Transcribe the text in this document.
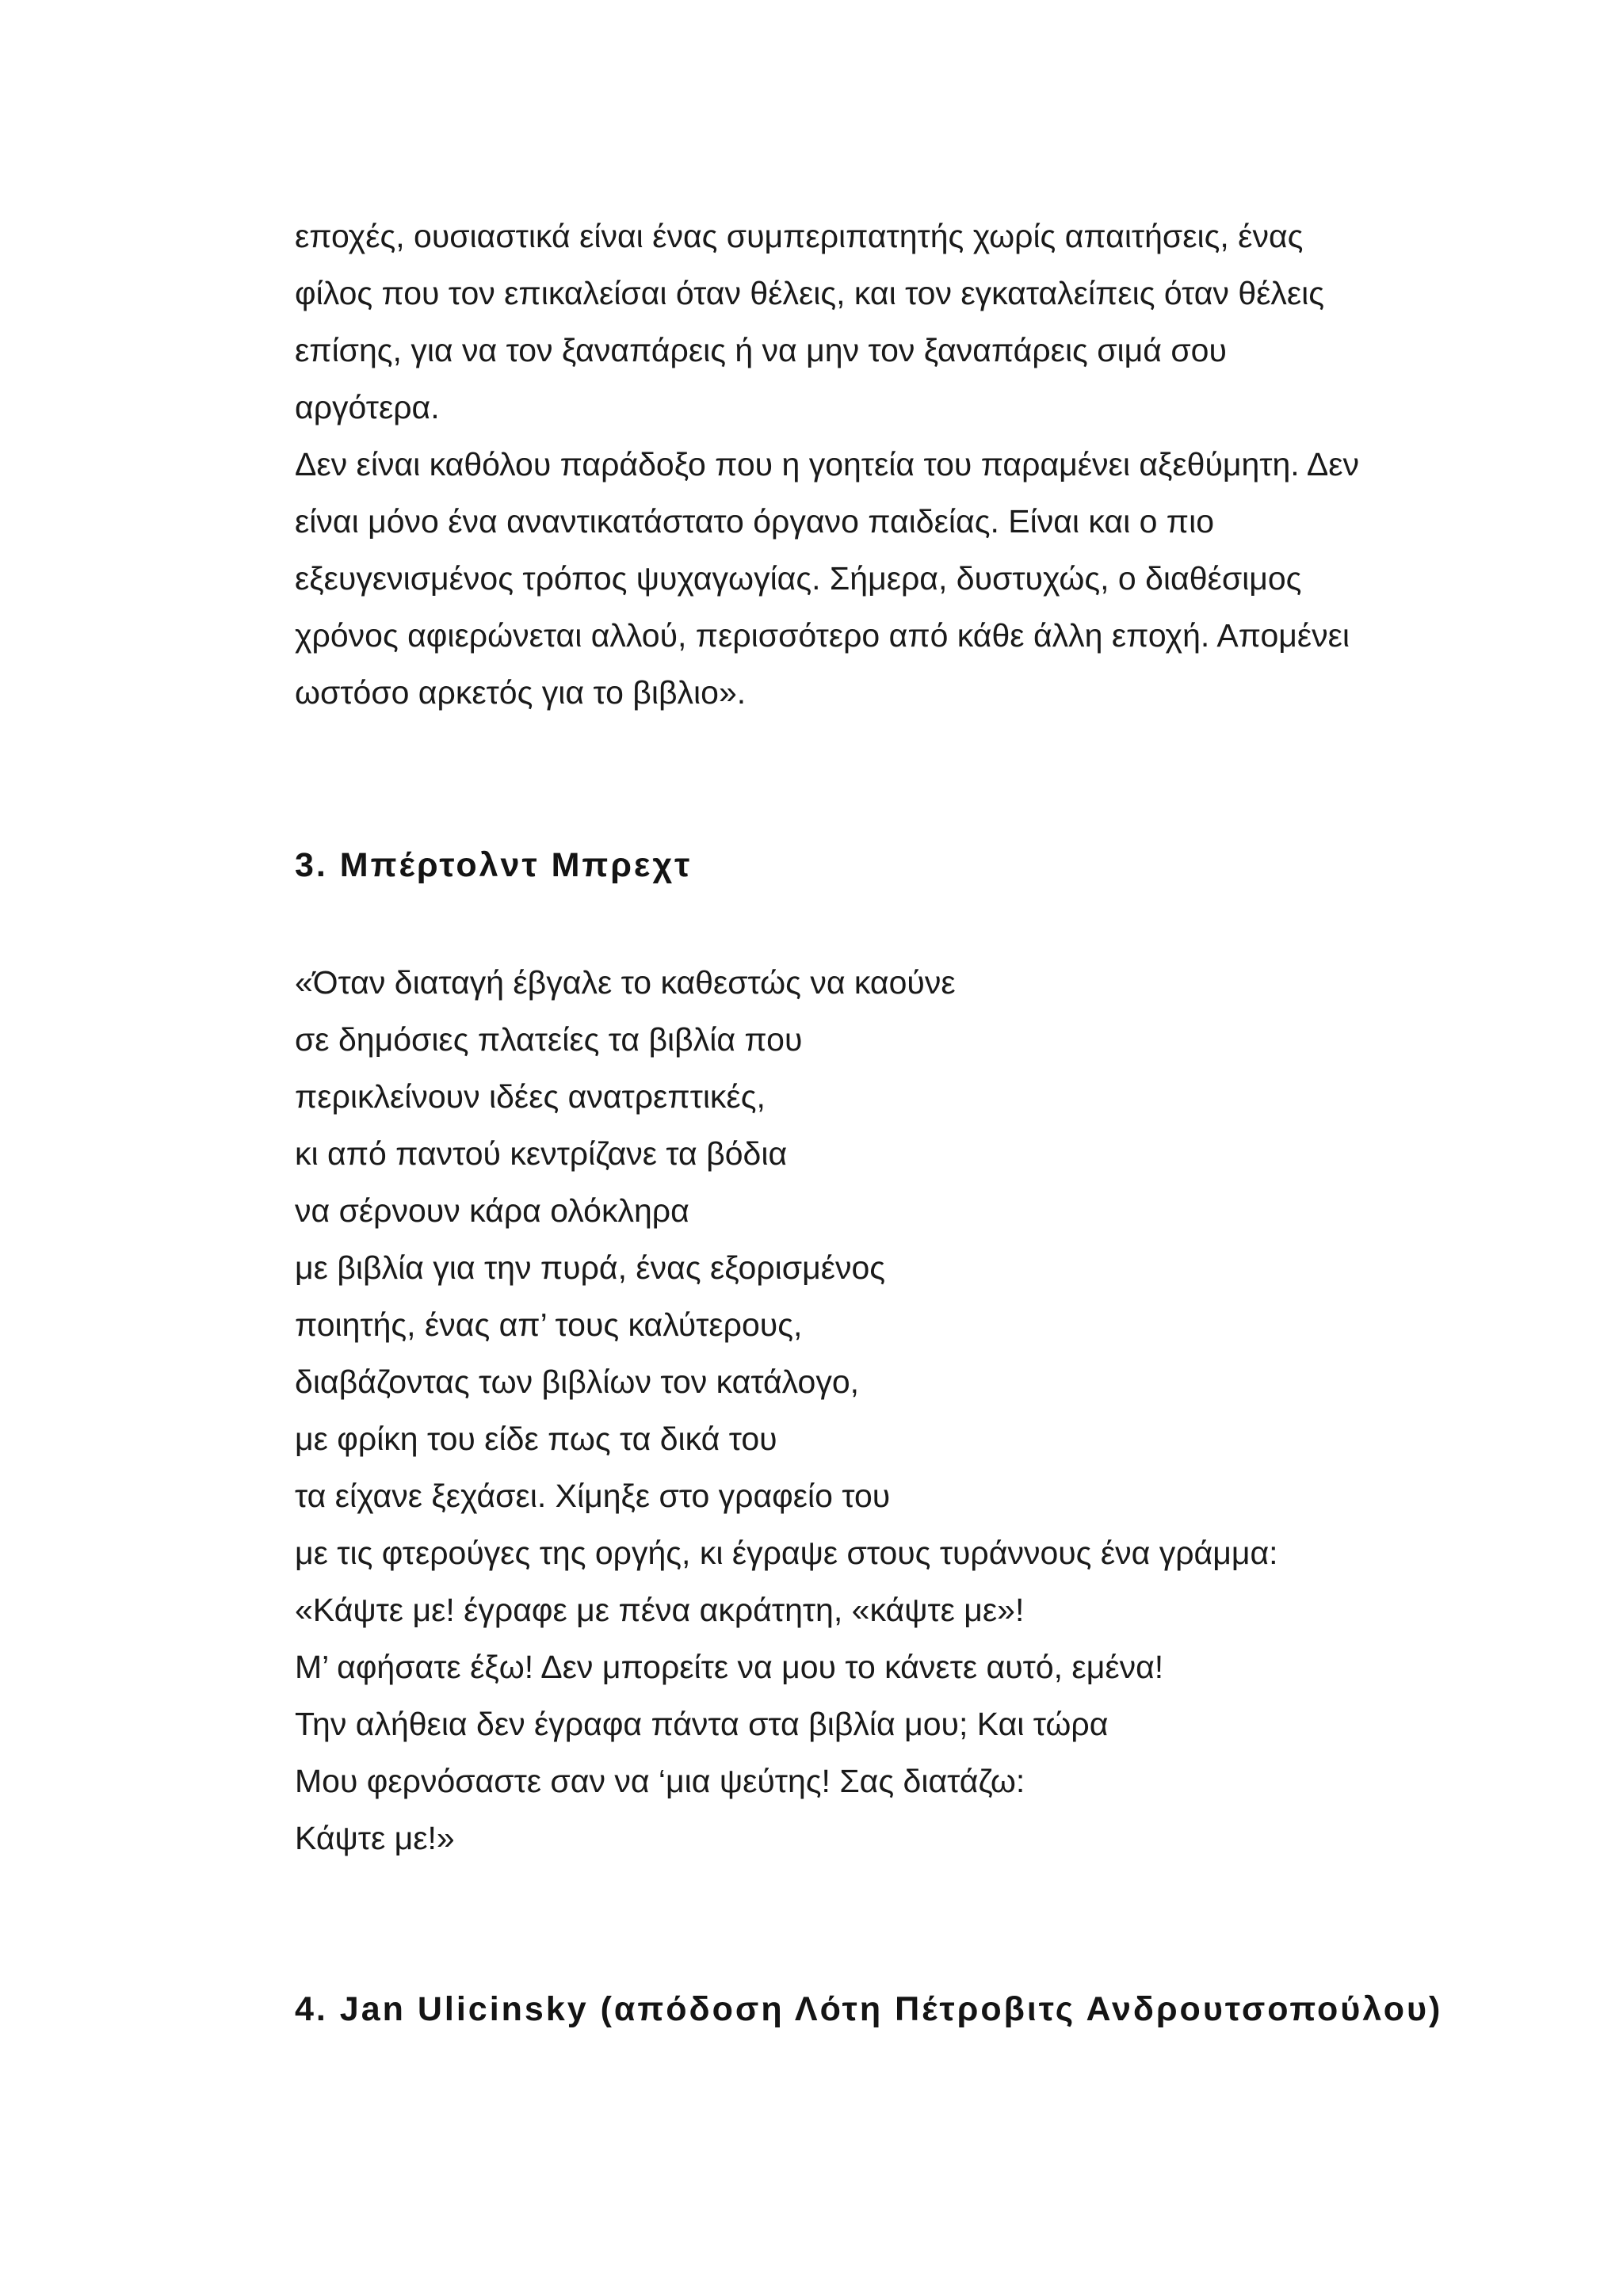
εποχές, ουσιαστικά είναι ένας συμπεριπατητής χωρίς απαιτήσεις, ένας
φίλος που τον επικαλείσαι όταν θέλεις, και τον εγκαταλείπεις όταν θέλεις
επίσης, για να τον ξαναπάρεις ή να μην τον ξαναπάρεις σιμά σου
αργότερα.
Δεν είναι καθόλου παράδοξο που η γοητεία του παραμένει αξεθύμητη. Δεν
είναι μόνο ένα αναντικατάστατο όργανο παιδείας. Είναι και ο πιο
εξευγενισμένος τρόπος ψυχαγωγίας. Σήμερα, δυστυχώς, ο διαθέσιμος
χρόνος αφιερώνεται αλλού, περισσότερο από κάθε άλλη εποχή. Απομένει
ωστόσο αρκετός για το βιβλιο».
3. Μπέρτολντ Μπρεχτ
«Όταν διαταγή έβγαλε το καθεστώς να καούνε
σε δημόσιες πλατείες τα βιβλία που
περικλείνουν ιδέες ανατρεπτικές,
κι από παντού κεντρίζανε τα βόδια
να σέρνουν κάρα ολόκληρα
με βιβλία για την πυρά, ένας εξορισμένος
ποιητής, ένας απ’ τους καλύτερους,
διαβάζοντας των βιβλίων τον κατάλογο,
με φρίκη του είδε πως τα δικά του
τα είχανε ξεχάσει. Χίμηξε στο γραφείο του
με τις φτερούγες της οργής, κι έγραψε στους τυράννους ένα γράμμα:
«Κάψτε με! έγραφε με πένα ακράτητη, «κάψτε με»!
Μ’ αφήσατε έξω! Δεν μπορείτε να μου το κάνετε αυτό, εμένα!
Την αλήθεια δεν έγραφα πάντα στα βιβλία μου; Και τώρα
Μου φερνόσαστε σαν να ‘μια ψεύτης! Σας διατάζω:
Κάψτε με!»
4. Jan Ulicinsky (απόδοση Λότη Πέτροβιτς Ανδρουτσοπούλου)
